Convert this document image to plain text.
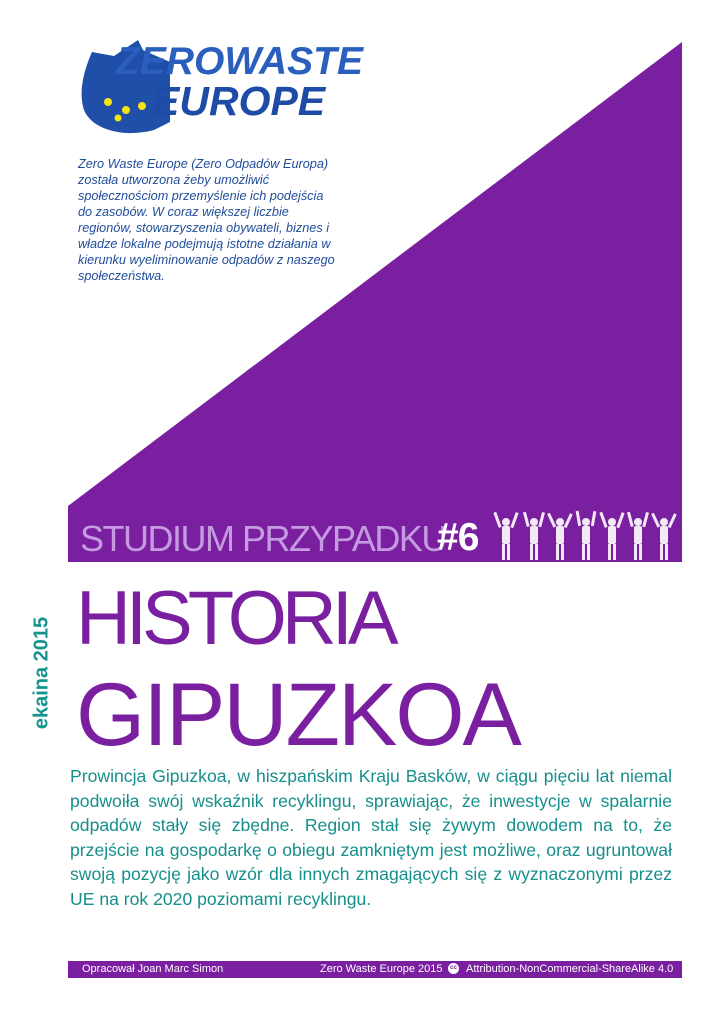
ZEROWASTE
EUROPE
Zero Waste Europe (Zero Odpadów Europa) została utworzona żeby umożliwić społecznościom przemyślenie ich podejścia do zasobów. W coraz większej liczbie regionów, stowarzyszenia obywateli, biznes i władze lokalne podejmują istotne działania w kierunku wyeliminowanie odpadów z naszego społeczeństwa.
STUDIUM PRZYPADKU
#6
ekaina 2015 HISTORIA
GIPUZKOA
Prowincja Gipuzkoa, w hiszpańskim Kraju Basków, w ciągu pięciu lat niemal podwoiła swój wskaźnik recyklingu, sprawiając, że inwestycje w spalarnie odpadów stały się zbędne. Region stał się żywym dowodem na to, że przejście na gospodarkę o obiegu zamkniętym jest możliwe, oraz ugruntował swoją pozycję jako wzór dla innych zmagających się z wyznaczonymi przez UE na rok 2020 poziomami recyklingu.
Opracował Joan Marc Simon	Zero Waste Europe 2015	cc Attribution-NonCommercial-ShareAlike 4.0
